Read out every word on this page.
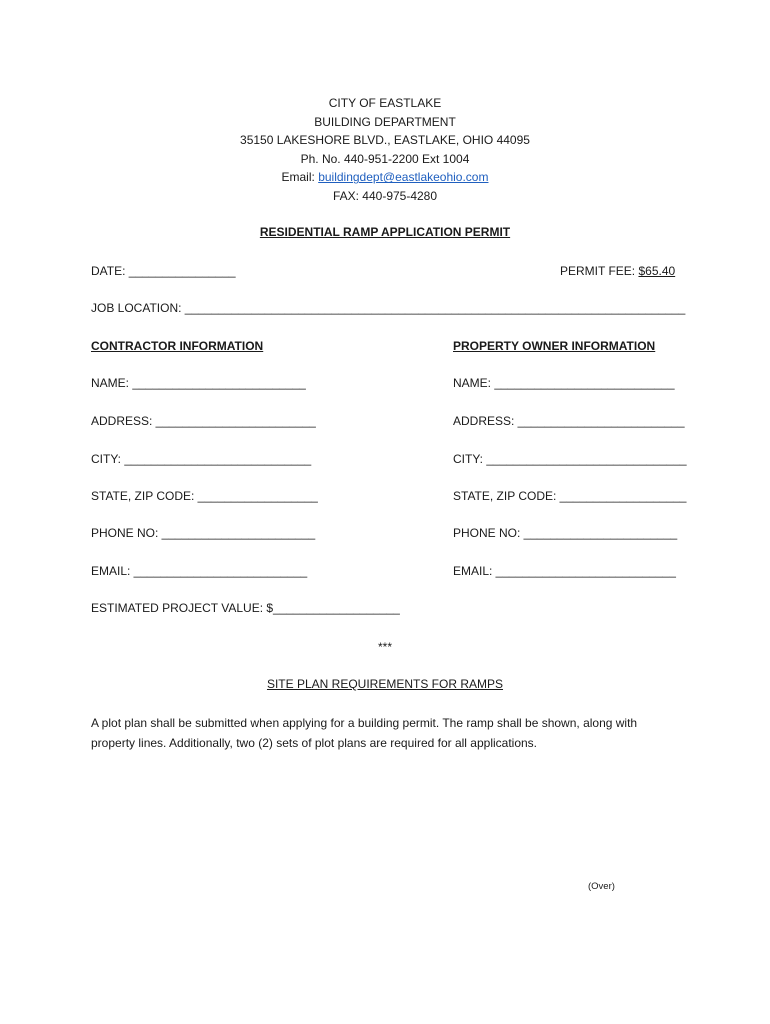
CITY OF EASTLAKE
BUILDING DEPARTMENT
35150 LAKESHORE BLVD., EASTLAKE, OHIO 44095
Ph. No. 440-951-2200 Ext 1004
Email: buildingdept@eastlakeohio.com
FAX: 440-975-4280
RESIDENTIAL RAMP APPLICATION PERMIT
DATE: ________________	PERMIT FEE: $65.40
JOB LOCATION: ___________________________________________________________________________
CONTRACTOR INFORMATION	PROPERTY OWNER INFORMATION
NAME: __________________________	NAME: ___________________________
ADDRESS: ________________________	ADDRESS: _________________________
CITY: ____________________________	CITY: ______________________________
STATE, ZIP CODE: __________________	STATE, ZIP CODE: ___________________
PHONE NO: _______________________	PHONE NO: _______________________
EMAIL: __________________________	EMAIL: ___________________________
ESTIMATED PROJECT VALUE: $___________________
***
SITE PLAN REQUIREMENTS FOR RAMPS
A plot plan shall be submitted when applying for a building permit. The ramp shall be shown, along with
property lines. Additionally, two (2) sets of plot plans are required for all applications.
(Over)
